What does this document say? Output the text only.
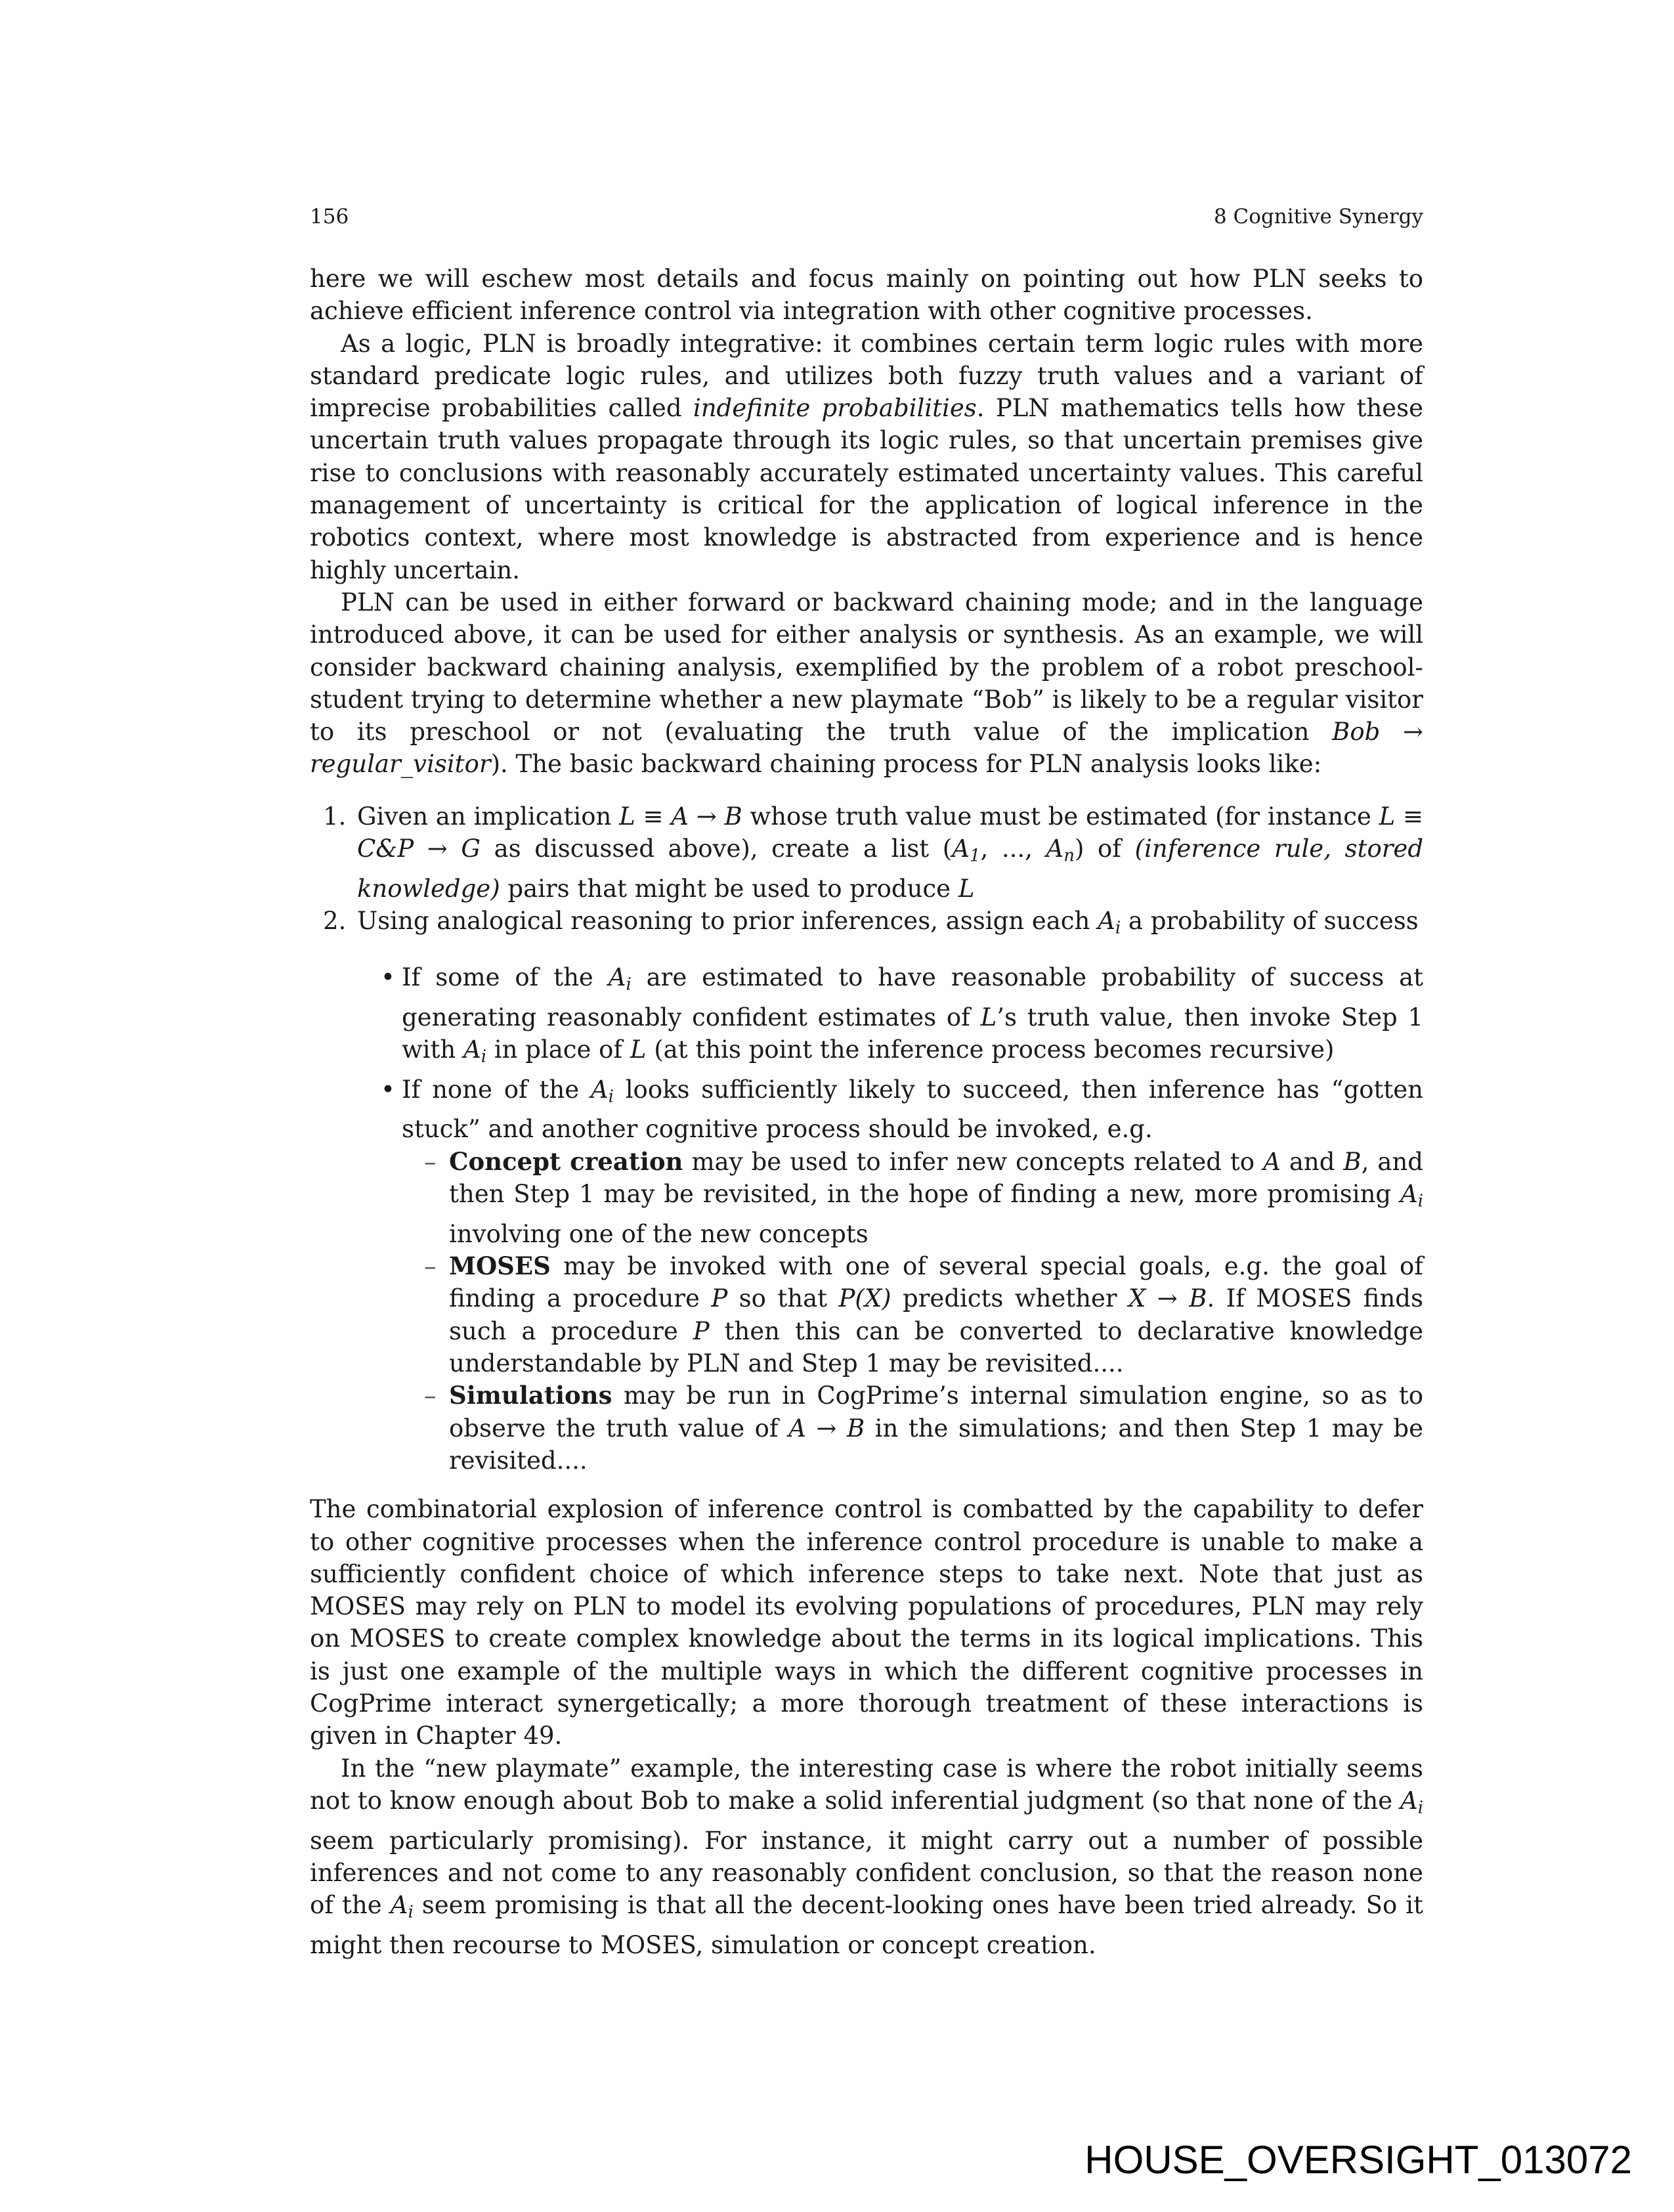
156	8 Cognitive Synergy

here we will eschew most details and focus mainly on pointing out how PLN seeks to achieve efficient inference control via integration with other cognitive processes.

As a logic, PLN is broadly integrative: it combines certain term logic rules with more standard predicate logic rules, and utilizes both fuzzy truth values and a variant of imprecise probabilities called indefinite probabilities. PLN mathematics tells how these uncertain truth values propagate through its logic rules, so that uncertain premises give rise to conclusions with reasonably accurately estimated uncertainty values. This careful management of uncertainty is critical for the application of logical inference in the robotics context, where most knowledge is abstracted from experience and is hence highly uncertain.

PLN can be used in either forward or backward chaining mode; and in the language introduced above, it can be used for either analysis or synthesis. As an example, we will consider backward chaining analysis, exemplified by the problem of a robot preschool-student trying to determine whether a new playmate “Bob” is likely to be a regular visitor to its preschool or not (evaluating the truth value of the implication Bob → regular_visitor). The basic backward chaining process for PLN analysis looks like:

1. Given an implication L ≡ A → B whose truth value must be estimated (for instance L ≡ C&P → G as discussed above), create a list ($A_1$, ..., $A_n$) of (inference rule, stored knowledge) pairs that might be used to produce L
2. Using analogical reasoning to prior inferences, assign each $A_i$ a probability of success
• If some of the $A_i$ are estimated to have reasonable probability of success at generating reasonably confident estimates of L’s truth value, then invoke Step 1 with $A_i$ in place of L (at this point the inference process becomes recursive)
• If none of the $A_i$ looks sufficiently likely to succeed, then inference has “gotten stuck” and another cognitive process should be invoked, e.g.
– Concept creation may be used to infer new concepts related to A and B, and then Step 1 may be revisited, in the hope of finding a new, more promising $A_i$ involving one of the new concepts
– MOSES may be invoked with one of several special goals, e.g. the goal of finding a procedure P so that P(X) predicts whether X → B. If MOSES finds such a procedure P then this can be converted to declarative knowledge understandable by PLN and Step 1 may be revisited....
– Simulations may be run in CogPrime’s internal simulation engine, so as to observe the truth value of A → B in the simulations; and then Step 1 may be revisited....

The combinatorial explosion of inference control is combatted by the capability to defer to other cognitive processes when the inference control procedure is unable to make a sufficiently confident choice of which inference steps to take next. Note that just as MOSES may rely on PLN to model its evolving populations of procedures, PLN may rely on MOSES to create complex knowledge about the terms in its logical implications. This is just one example of the multiple ways in which the different cognitive processes in CogPrime interact synergetically; a more thorough treatment of these interactions is given in Chapter 49.

In the “new playmate” example, the interesting case is where the robot initially seems not to know enough about Bob to make a solid inferential judgment (so that none of the $A_i$ seem particularly promising). For instance, it might carry out a number of possible inferences and not come to any reasonably confident conclusion, so that the reason none of the $A_i$ seem promising is that all the decent-looking ones have been tried already. So it might then recourse to MOSES, simulation or concept creation.

HOUSE_OVERSIGHT_013072
